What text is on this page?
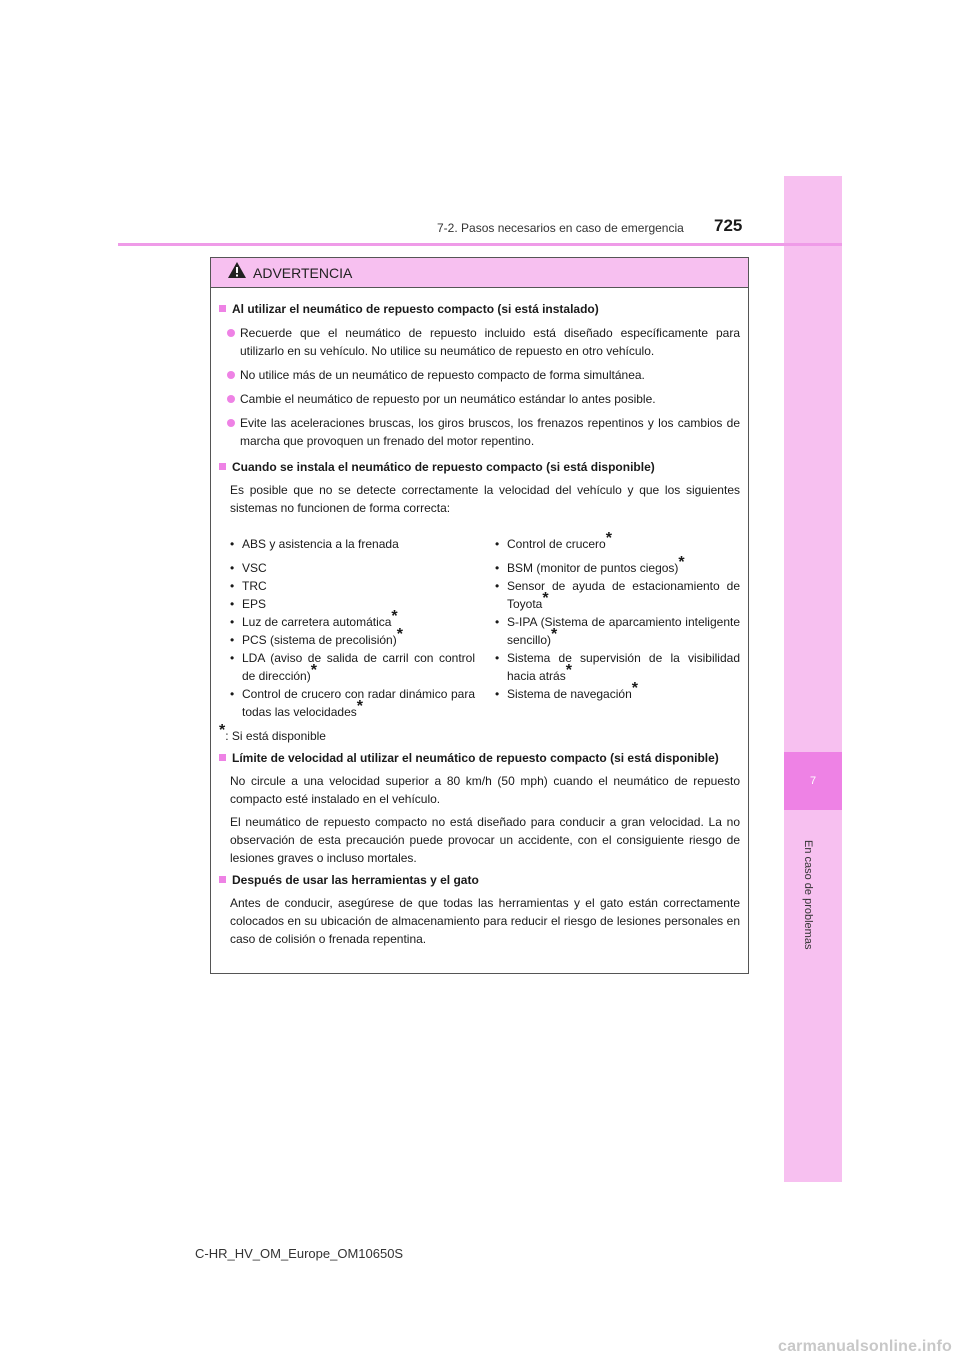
7
En caso de problemas
7-2. Pasos necesarios en caso de emergencia 725
ADVERTENCIA
Al utilizar el neumático de repuesto compacto (si está instalado)
Recuerde que el neumático de repuesto incluido está diseñado específicamente para utilizarlo en su vehículo. No utilice su neumático de repuesto en otro vehículo.
No utilice más de un neumático de repuesto compacto de forma simultánea.
Cambie el neumático de repuesto por un neumático estándar lo antes posible.
Evite las aceleraciones bruscas, los giros bruscos, los frenazos repentinos y los cambios de marcha que provoquen un frenado del motor repentino.
Cuando se instala el neumático de repuesto compacto (si está disponible)
Es posible que no se detecte correctamente la velocidad del vehículo y que los siguientes sistemas no funcionen de forma correcta:
• ABS y asistencia a la frenada
• VSC
• TRC
• EPS
• Luz de carretera automática*
• PCS (sistema de precolisión)*
• LDA (aviso de salida de carril con control de dirección)*
• Control de crucero con radar dinámico para todas las velocidades*
• Control de crucero*
• BSM (monitor de puntos ciegos)*
• Sensor de ayuda de estacionamiento de Toyota*
• S-IPA (Sistema de aparcamiento inteligente sencillo)*
• Sistema de supervisión de la visibilidad hacia atrás*
• Sistema de navegación*
*: Si está disponible
Límite de velocidad al utilizar el neumático de repuesto compacto (si está disponible)
No circule a una velocidad superior a 80 km/h (50 mph) cuando el neumático de repuesto compacto esté instalado en el vehículo.
El neumático de repuesto compacto no está diseñado para conducir a gran velocidad. La no observación de esta precaución puede provocar un accidente, con el consiguiente riesgo de lesiones graves o incluso mortales.
Después de usar las herramientas y el gato
Antes de conducir, asegúrese de que todas las herramientas y el gato están correctamente colocados en su ubicación de almacenamiento para reducir el riesgo de lesiones personales en caso de colisión o frenada repentina.
C-HR_HV_OM_Europe_OM10650S
carmanualsonline.info
